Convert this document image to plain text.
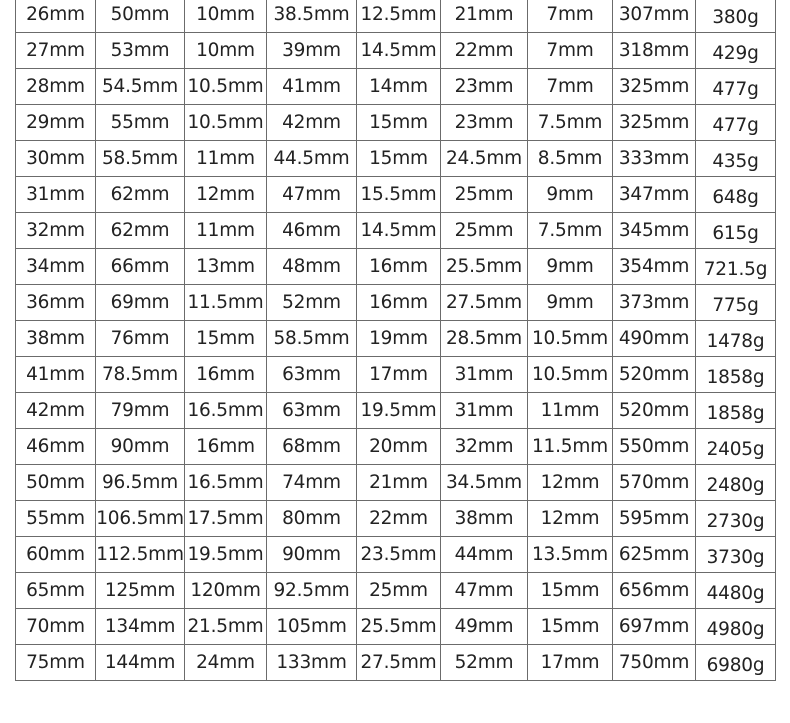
26mm	50mm	10mm	38.5mm	12.5mm	21mm	7mm	307mm	380g
27mm	53mm	10mm	39mm	14.5mm	22mm	7mm	318mm	429g
28mm	54.5mm	10.5mm	41mm	14mm	23mm	7mm	325mm	477g
29mm	55mm	10.5mm	42mm	15mm	23mm	7.5mm	325mm	477g
30mm	58.5mm	11mm	44.5mm	15mm	24.5mm	8.5mm	333mm	435g
31mm	62mm	12mm	47mm	15.5mm	25mm	9mm	347mm	648g
32mm	62mm	11mm	46mm	14.5mm	25mm	7.5mm	345mm	615g
34mm	66mm	13mm	48mm	16mm	25.5mm	9mm	354mm	721.5g
36mm	69mm	11.5mm	52mm	16mm	27.5mm	9mm	373mm	775g
38mm	76mm	15mm	58.5mm	19mm	28.5mm	10.5mm	490mm	1478g
41mm	78.5mm	16mm	63mm	17mm	31mm	10.5mm	520mm	1858g
42mm	79mm	16.5mm	63mm	19.5mm	31mm	11mm	520mm	1858g
46mm	90mm	16mm	68mm	20mm	32mm	11.5mm	550mm	2405g
50mm	96.5mm	16.5mm	74mm	21mm	34.5mm	12mm	570mm	2480g
55mm	106.5mm	17.5mm	80mm	22mm	38mm	12mm	595mm	2730g
60mm	112.5mm	19.5mm	90mm	23.5mm	44mm	13.5mm	625mm	3730g
65mm	125mm	120mm	92.5mm	25mm	47mm	15mm	656mm	4480g
70mm	134mm	21.5mm	105mm	25.5mm	49mm	15mm	697mm	4980g
75mm	144mm	24mm	133mm	27.5mm	52mm	17mm	750mm	6980g
